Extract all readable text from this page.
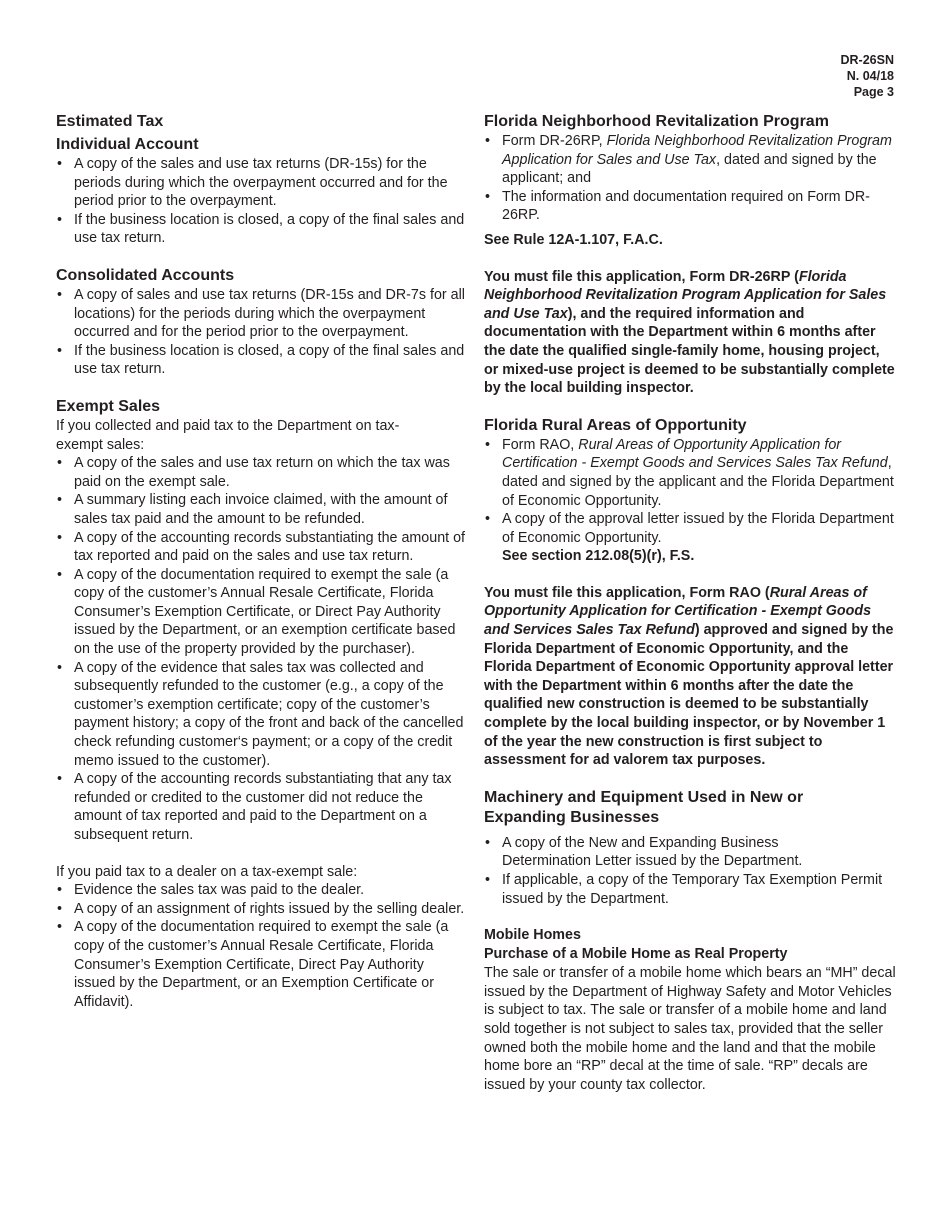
DR-26SN
N. 04/18
Page 3
Estimated Tax
Individual Account
• A copy of the sales and use tax returns (DR-15s) for the periods during which the overpayment occurred and for the period prior to the overpayment.
• If the business location is closed, a copy of the final sales and use tax return.
Consolidated Accounts
• A copy of sales and use tax returns (DR-15s and DR-7s for all locations) for the periods during which the overpayment occurred and for the period prior to the overpayment.
• If the business location is closed, a copy of the final sales and use tax return.
Exempt Sales

If you collected and paid tax to the Department on tax-exempt sales:

• A copy of the sales and use tax return on which the tax was paid on the exempt sale.
• A summary listing each invoice claimed, with the amount of sales tax paid and the amount to be refunded.
• A copy of the accounting records substantiating the amount of tax reported and paid on the sales and use tax return.
• A copy of the documentation required to exempt the sale (a copy of the customer’s Annual Resale Certificate, Florida Consumer’s Exemption Certificate, or Direct Pay Authority issued by the Department, or an exemption certificate based on the use of the property provided by the purchaser).
• A copy of the evidence that sales tax was collected and subsequently refunded to the customer (e.g., a copy of the customer’s exemption certificate; copy of the customer’s payment history; a copy of the front and back of the cancelled check refunding customer‘s payment; or a copy of the credit memo issued to the customer).
• A copy of the accounting records substantiating that any tax refunded or credited to the customer did not reduce the amount of tax reported and paid to the Department on a subsequent return.

If you paid tax to a dealer on a tax-exempt sale:

• Evidence the sales tax was paid to the dealer.
• A copy of an assignment of rights issued by the selling dealer.
• A copy of the documentation required to exempt the sale (a copy of the customer’s Annual Resale Certificate, Florida Consumer’s Exemption Certificate, Direct Pay Authority issued by the Department, or an Exemption Certificate or Affidavit).
Florida Neighborhood Revitalization Program
• Form DR-26RP, Florida Neighborhood Revitalization Program Application for Sales and Use Tax, dated and signed by the applicant; and
• The information and documentation required on Form DR-26RP.

See Rule 12A-1.107, F.A.C.

You must file this application, Form DR-26RP (Florida Neighborhood Revitalization Program Application for Sales and Use Tax), and the required information and documentation with the Department within 6 months after the date the qualified single-family home, housing project, or mixed-use project is deemed to be substantially complete by the local building inspector.

Florida Rural Areas of Opportunity
• Form RAO, Rural Areas of Opportunity Application for Certification - Exempt Goods and Services Sales Tax Refund, dated and signed by the applicant and the Florida Department of Economic Opportunity.
• A copy of the approval letter issued by the Florida Department of Economic Opportunity.
See section 212.08(5)(r), F.S.

You must file this application, Form RAO (Rural Areas of Opportunity Application for Certification - Exempt Goods and Services Sales Tax Refund) approved and signed by the Florida Department of Economic Opportunity, and the Florida Department of Economic Opportunity approval letter with the Department within 6 months after the date the qualified new construction is deemed to be substantially complete by the local building inspector, or by November 1 of the year the new construction is first subject to assessment for ad valorem tax purposes.

Machinery and Equipment Used in New or Expanding Businesses
• A copy of the New and Expanding Business Determination Letter issued by the Department.
• If applicable, a copy of the Temporary Tax Exemption Permit issued by the Department.
Mobile Homes
Purchase of a Mobile Home as Real Property

The sale or transfer of a mobile home which bears an “MH” decal issued by the Department of Highway Safety and Motor Vehicles is subject to tax. The sale or transfer of a mobile home and land sold together is not subject to sales tax, provided that the seller owned both the mobile home and the land and that the mobile home bore an “RP” decal at the time of sale. “RP” decals are issued by your county tax collector.
